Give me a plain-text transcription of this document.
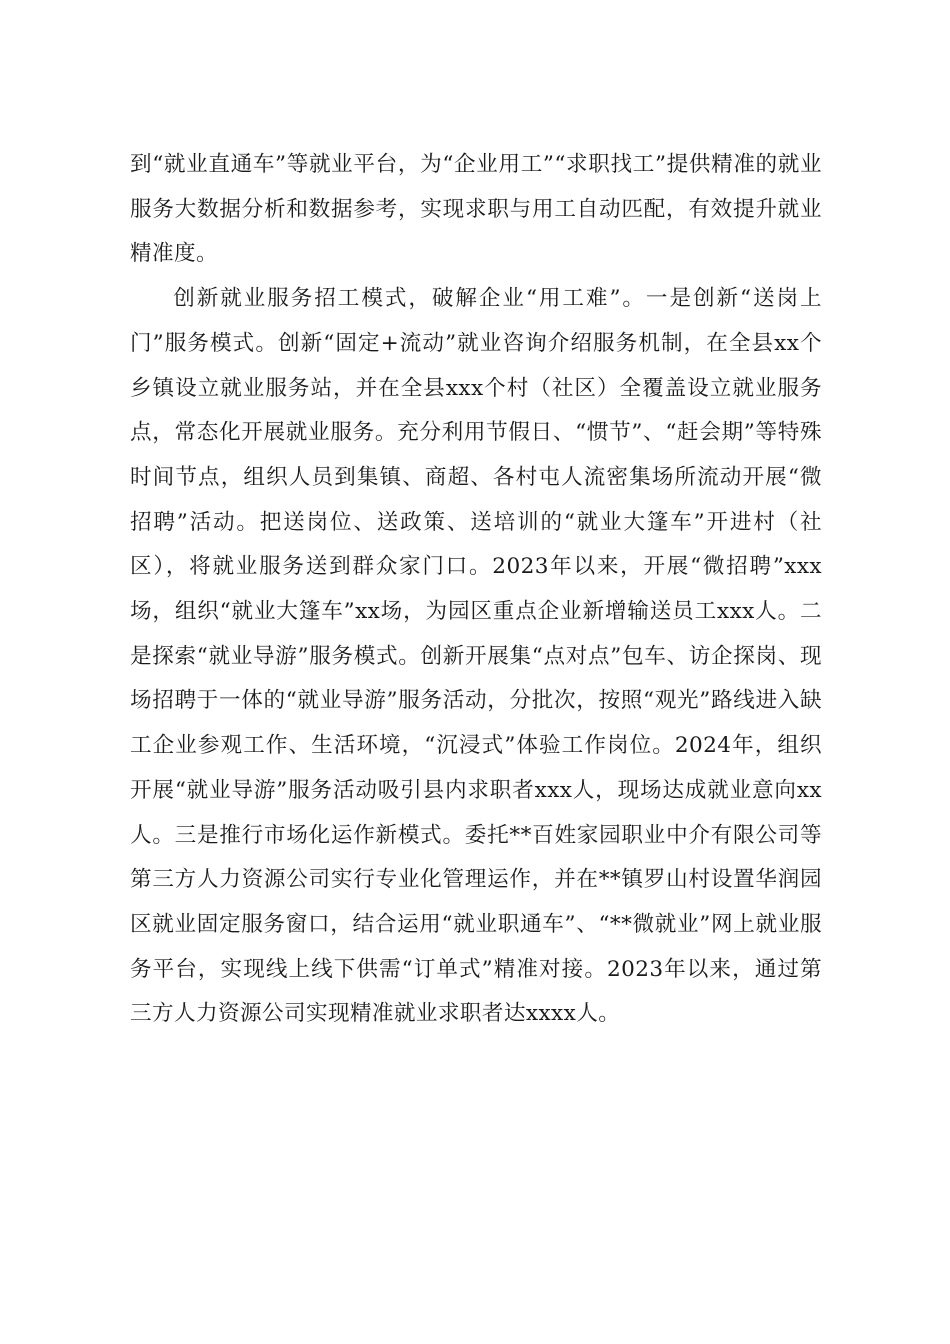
到“就业直通车”等就业平台，为“企业用工”“求职找工”提供精准的就业服务大数据分析和数据参考，实现求职与用工自动匹配，有效提升就业精准度。

创新就业服务招工模式，破解企业“用工难”。一是创新“送岗上门”服务模式。创新“固定+流动”就业咨询介绍服务机制，在全县xx个乡镇设立就业服务站，并在全县xxx个村（社区）全覆盖设立就业服务点，常态化开展就业服务。充分利用节假日、“惯节”、“赶会期”等特殊时间节点，组织人员到集镇、商超、各村屯人流密集场所流动开展“微招聘”活动。把送岗位、送政策、送培训的“就业大篷车”开进村（社区），将就业服务送到群众家门口。2023年以来，开展“微招聘”xxx场，组织“就业大篷车”xx场，为园区重点企业新增输送员工xxx人。二是探索“就业导游”服务模式。创新开展集“点对点”包车、访企探岗、现场招聘于一体的“就业导游”服务活动，分批次，按照“观光”路线进入缺工企业参观工作、生活环境，“沉浸式”体验工作岗位。2024年，组织开展“就业导游”服务活动吸引县内求职者xxx人，现场达成就业意向xx人。三是推行市场化运作新模式。委托**百姓家园职业中介有限公司等第三方人力资源公司实行专业化管理运作，并在**镇罗山村设置华润园区就业固定服务窗口，结合运用“就业职通车”、“**微就业”网上就业服务平台，实现线上线下供需“订单式”精准对接。2023年以来，通过第三方人力资源公司实现精准就业求职者达xxxx人。
